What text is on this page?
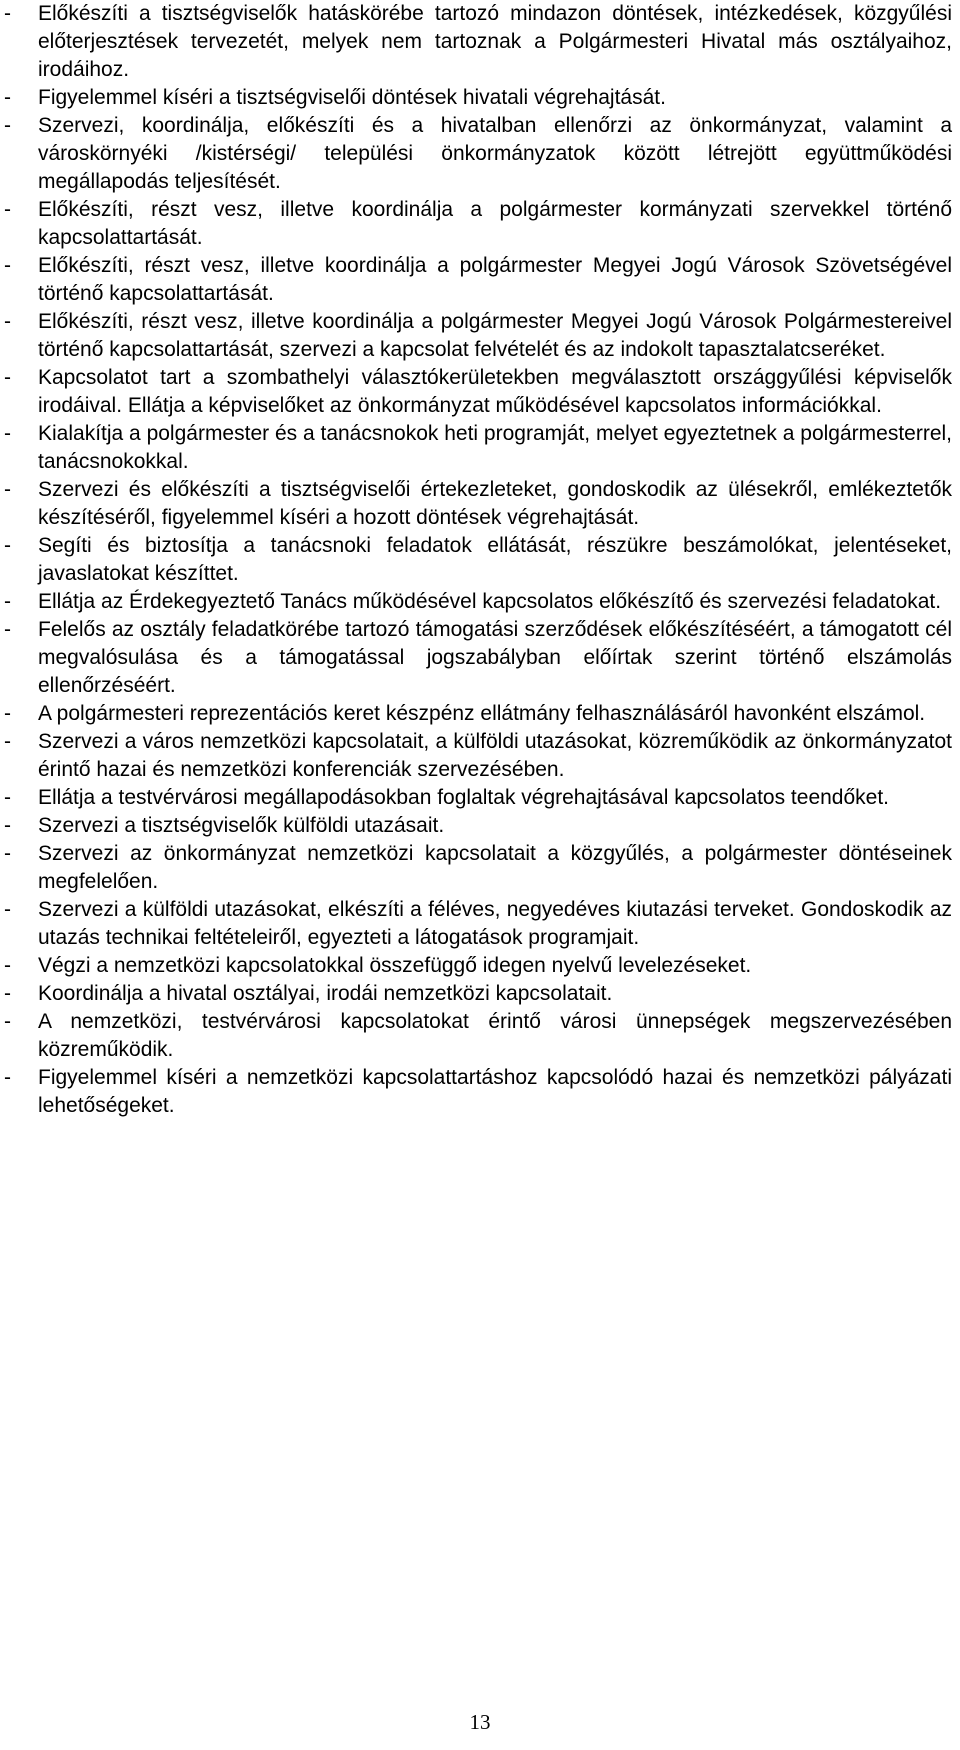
-	Előkészíti a tisztségviselők hatáskörébe tartozó mindazon döntések, intézkedések, közgyűlési előterjesztések tervezetét, melyek nem tartoznak a Polgármesteri Hivatal más osztályaihoz, irodáihoz.
-	Figyelemmel kíséri a tisztségviselői döntések hivatali végrehajtását.
-	Szervezi, koordinálja, előkészíti és a hivatalban ellenőrzi az önkormányzat, valamint a városkörnyéki /kistérségi/ települési önkormányzatok között létrejött együttműködési megállapodás teljesítését.
-	Előkészíti, részt vesz, illetve koordinálja a polgármester kormányzati szervekkel történő kapcsolattartását.
-	Előkészíti, részt vesz, illetve koordinálja a polgármester Megyei Jogú Városok Szövetségével történő kapcsolattartását.
-	Előkészíti, részt vesz, illetve koordinálja a polgármester Megyei Jogú Városok Polgármestereivel történő kapcsolattartását, szervezi a kapcsolat felvételét és az indokolt tapasztalatcseréket.
-	Kapcsolatot tart a szombathelyi választókerületekben megválasztott országgyűlési képviselők irodáival. Ellátja a képviselőket az önkormányzat működésével kapcsolatos információkkal.
-	Kialakítja a polgármester és a tanácsnokok heti programját, melyet egyeztetnek a polgármesterrel, tanácsnokokkal.
-	Szervezi és előkészíti a tisztségviselői értekezleteket, gondoskodik az ülésekről, emlékeztetők készítéséről, figyelemmel kíséri a hozott döntések végrehajtását.
-	Segíti és biztosítja a tanácsnoki feladatok ellátását, részükre beszámolókat, jelentéseket, javaslatokat készíttet.
-	Ellátja az Érdekegyeztető Tanács működésével kapcsolatos előkészítő és szervezési feladatokat.
-	Felelős az osztály feladatkörébe tartozó támogatási szerződések előkészítéséért, a támogatott cél megvalósulása és a támogatással jogszabályban előírtak szerint történő elszámolás ellenőrzéséért.
-	A polgármesteri reprezentációs keret készpénz ellátmány felhasználásáról havonként elszámol.
-	Szervezi a város nemzetközi kapcsolatait, a külföldi utazásokat, közreműködik az önkormányzatot érintő hazai és nemzetközi konferenciák szervezésében.
-	Ellátja a testvérvárosi megállapodásokban foglaltak végrehajtásával kapcsolatos teendőket.
-	Szervezi a tisztségviselők külföldi utazásait.
-	Szervezi az önkormányzat nemzetközi kapcsolatait a közgyűlés, a polgármester döntéseinek megfelelően.
-	Szervezi a külföldi utazásokat, elkészíti a féléves, negyedéves kiutazási terveket. Gondoskodik az utazás technikai feltételeiről, egyezteti a látogatások programjait.
-	Végzi a nemzetközi kapcsolatokkal összefüggő idegen nyelvű levelezéseket.
-	Koordinálja a hivatal osztályai, irodái nemzetközi kapcsolatait.
-	A nemzetközi, testvérvárosi kapcsolatokat érintő városi ünnepségek megszervezésében közreműködik.
-	Figyelemmel kíséri a nemzetközi kapcsolattartáshoz kapcsolódó hazai és nemzetközi pályázati lehetőségeket.
13
